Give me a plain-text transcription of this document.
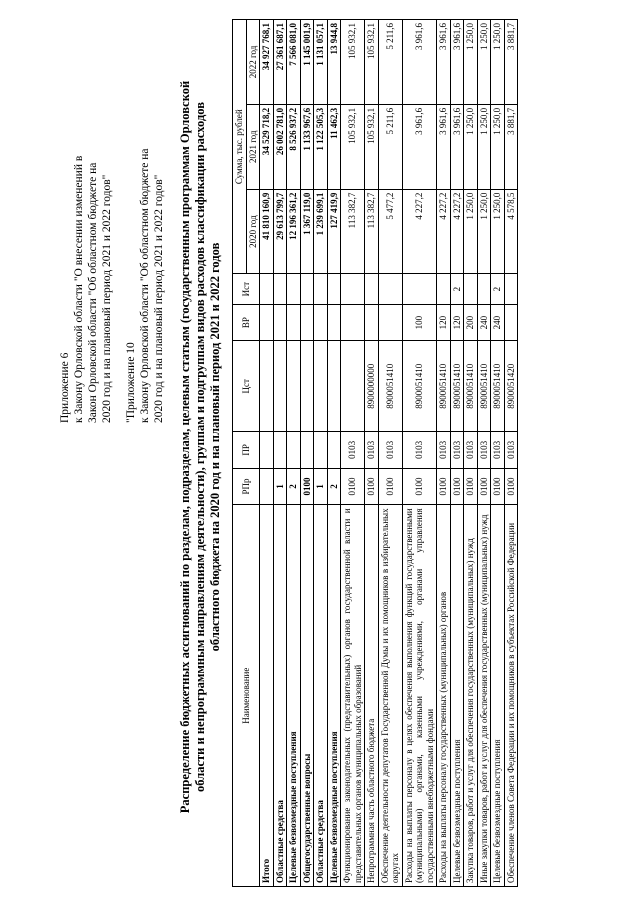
Приложение 6 к Закону Орловской области "О внесении изменений в Закон Орловской области "Об областном бюджете на 2020 год и на плановый период 2021 и 2022 годов" "Приложение 10 к Закону Орловской области "Об областном бюджете на 2020 год и на плановый период 2021 и 2022 годов" Распределение бюджетных ассигнований по разделам, подразделам, целевым статьям (государственным программам Орловской области и непрограммным направлениям деятельности), группам и подгруппам видов расходов классификации расходов областного бюджета на 2020 год и на плановый период 2021 и 2022 годов

Наименование	РПр	ПР	Цст	ВР	Ист	Сумма, тыс. рублей		
						2020 год	2021 год	2022 год
Итого						41 810 160,9	34 529 718,2	34 927 768,1
Областные средства	1					29 613 799,7	26 002 781,0	27 361 687,1
Целевые безвозмездные поступления	2					12 196 361,2	8 526 937,2	7 566 081,0
Общегосударственные вопросы	0100					1 367 119,0	1 133 967,6	1 145 001,9
Областные средства	1					1 239 699,1	1 122 505,3	1 131 057,1
Целевые безвозмездные поступления	2					127 419,9	11 462,3	13 944,8
Функционирование законодательных (представительных) органов государственной власти и представительных органов муниципальных образований	0100	0103				113 382,7	105 932,1	105 932,1
Непрограммная часть областного бюджета	0100	0103	8900000000			113 382,7	105 932,1	105 932,1
Обеспечение деятельности депутатов Государственной Думы и их помощников в избирательных округах	0100	0103	8900051410			5 477,2	5 211,6	5 211,6
Расходы на выплаты персоналу в целях обеспечения выполнения функций государственными (муниципальными) органами, казенными учреждениями, органами управления государственными внебюджетными фондами	0100	0103	8900051410	100		4 227,2	3 961,6	3 961,6
Расходы на выплаты персоналу государственных (муниципальных) органов	0100	0103	8900051410	120		4 227,2	3 961,6	3 961,6
Целевые безвозмездные поступления	0100	0103	8900051410	120	2	4 227,2	3 961,6	3 961,6
Закупка товаров, работ и услуг для обеспечения государственных (муниципальных) нужд	0100	0103	8900051410	200		1 250,0	1 250,0	1 250,0
Иные закупки товаров, работ и услуг для обеспечения государственных (муниципальных) нужд	0100	0103	8900051410	240		1 250,0	1 250,0	1 250,0
Целевые безвозмездные поступления	0100	0103	8900051410	240	2	1 250,0	1 250,0	1 250,0
Обеспечение членов Совета Федерации и их помощников в субъектах Российской Федерации	0100	0103	8900051420			4 578,5	3 881,7	3 881,7
